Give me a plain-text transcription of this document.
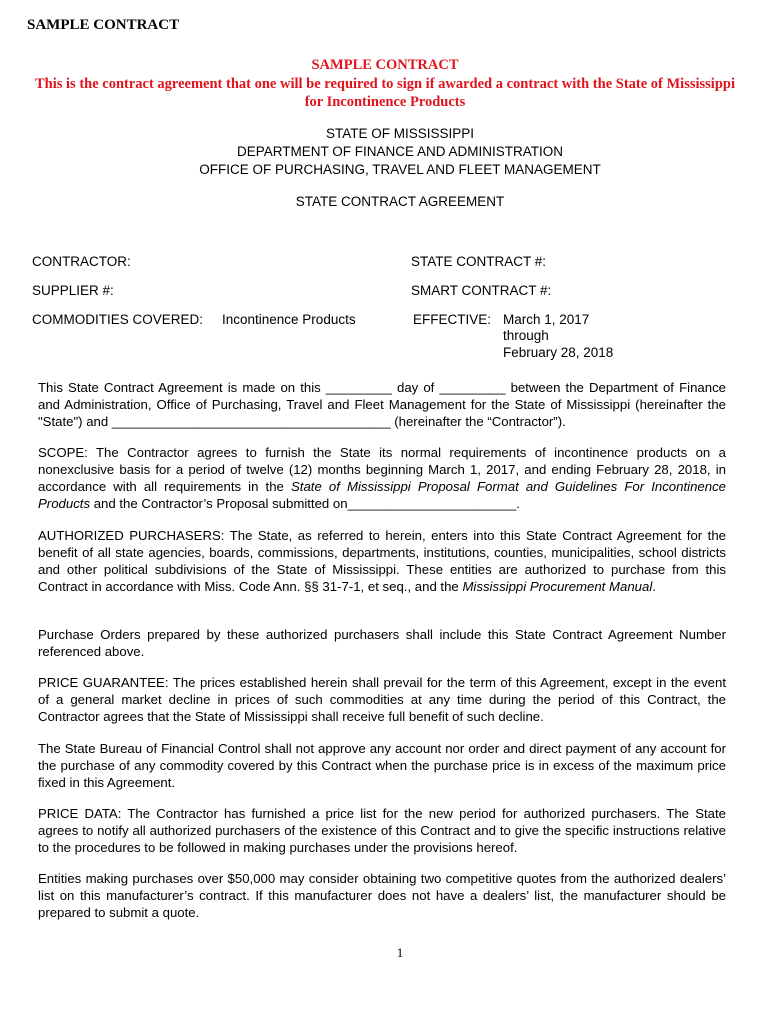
SAMPLE CONTRACT
SAMPLE CONTRACT
This is the contract agreement that one will be required to sign if awarded a contract with the State of Mississippi
for Incontinence Products
STATE OF MISSISSIPPI
DEPARTMENT OF FINANCE AND ADMINISTRATION
OFFICE OF PURCHASING, TRAVEL AND FLEET MANAGEMENT
STATE CONTRACT AGREEMENT
CONTRACTOR:
SUPPLIER #:
COMMODITIES COVERED: Incontinence Products
STATE CONTRACT #:
SMART CONTRACT #:
EFFECTIVE: March 1, 2017
through
February 28, 2018
This State Contract Agreement is made on this _________ day of _________ between the Department of Finance and Administration, Office of Purchasing, Travel and Fleet Management for the State of Mississippi (hereinafter the "State") and ______________________________________ (hereinafter the “Contractor”).
SCOPE: The Contractor agrees to furnish the State its normal requirements of incontinence products on a nonexclusive basis for a period of twelve (12) months beginning March 1, 2017, and ending February 28, 2018, in accordance with all requirements in the State of Mississippi Proposal Format and Guidelines For Incontinence Products and the Contractor’s Proposal submitted on_______________________.
AUTHORIZED PURCHASERS: The State, as referred to herein, enters into this State Contract Agreement for the benefit of all state agencies, boards, commissions, departments, institutions, counties, municipalities, school districts and other political subdivisions of the State of Mississippi. These entities are authorized to purchase from this Contract in accordance with Miss. Code Ann. §§ 31-7-1, et seq., and the Mississippi Procurement Manual.
Purchase Orders prepared by these authorized purchasers shall include this State Contract Agreement Number referenced above.
PRICE GUARANTEE: The prices established herein shall prevail for the term of this Agreement, except in the event of a general market decline in prices of such commodities at any time during the period of this Contract, the Contractor agrees that the State of Mississippi shall receive full benefit of such decline.
The State Bureau of Financial Control shall not approve any account nor order and direct payment of any account for the purchase of any commodity covered by this Contract when the purchase price is in excess of the maximum price fixed in this Agreement.
PRICE DATA: The Contractor has furnished a price list for the new period for authorized purchasers. The State agrees to notify all authorized purchasers of the existence of this Contract and to give the specific instructions relative to the procedures to be followed in making purchases under the provisions hereof.
Entities making purchases over $50,000 may consider obtaining two competitive quotes from the authorized dealers’ list on this manufacturer’s contract. If this manufacturer does not have a dealers’ list, the manufacturer should be prepared to submit a quote.
1
